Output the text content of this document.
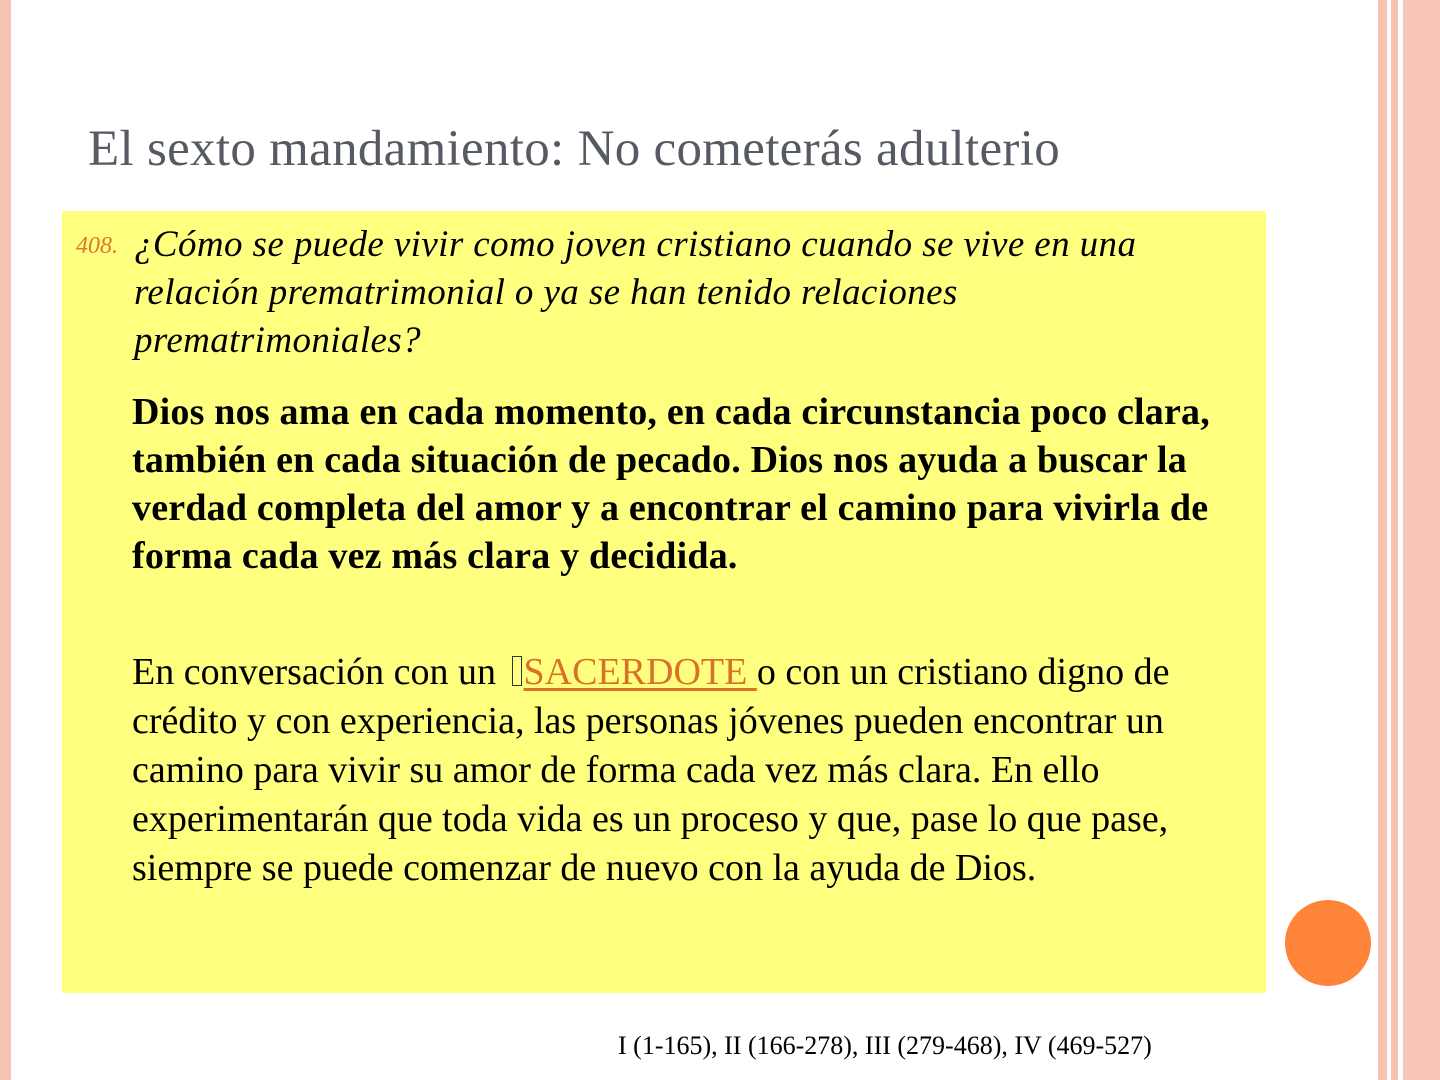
El sexto mandamiento: No cometerás adulterio
408. ¿Cómo se puede vivir como joven cristiano cuando se vive en una relación prematrimonial o ya se han tenido relaciones prematrimoniales?

Dios nos ama en cada momento, en cada circunstancia poco clara, también en cada situación de pecado. Dios nos ayuda a buscar la verdad completa del amor y a encontrar el camino para vivirla de forma cada vez más clara y decidida.

En conversación con un SACERDOTE o con un cristiano digno de crédito y con experiencia, las personas jóvenes pueden encontrar un camino para vivir su amor de forma cada vez más clara. En ello experimentarán que toda vida es un proceso y que, pase lo que pase, siempre se puede comenzar de nuevo con la ayuda de Dios.

I (1-165), II (166-278), III (279-468), IV (469-527)
